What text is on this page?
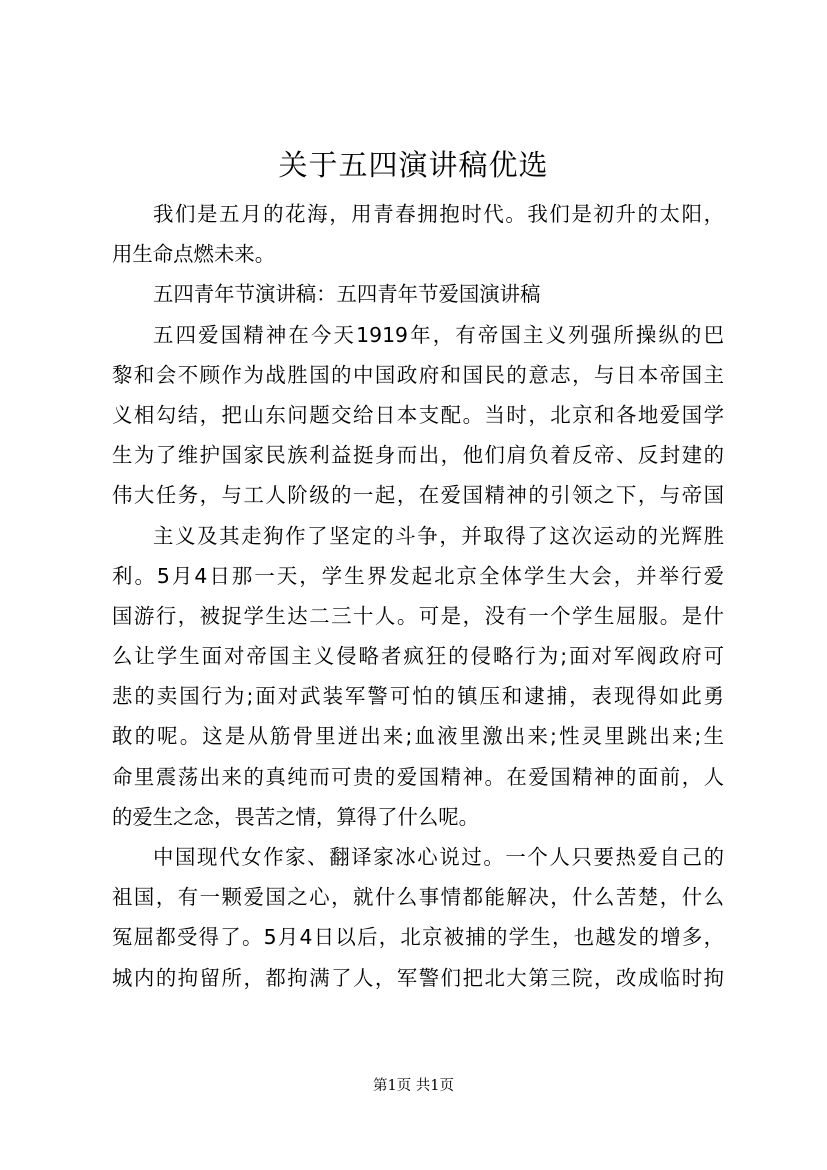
关于五四演讲稿优选
我们是五月的花海，用青春拥抱时代。我们是初升的太阳，
用生命点燃未来。
五四青年节演讲稿：五四青年节爱国演讲稿
五四爱国精神在今天1919年，有帝国主义列强所操纵的巴
黎和会不顾作为战胜国的中国政府和国民的意志，与日本帝国主
义相勾结，把山东问题交给日本支配。当时，北京和各地爱国学
生为了维护国家民族利益挺身而出，他们肩负着反帝、反封建的
伟大任务，与工人阶级的一起，在爱国精神的引领之下，与帝国
主义及其走狗作了坚定的斗争，并取得了这次运动的光辉胜
利。5月4日那一天，学生界发起北京全体学生大会，并举行爱
国游行，被捉学生达二三十人。可是，没有一个学生屈服。是什
么让学生面对帝国主义侵略者疯狂的侵略行为;面对军阀政府可
悲的卖国行为;面对武装军警可怕的镇压和逮捕，表现得如此勇
敢的呢。这是从筋骨里迸出来;血液里激出来;性灵里跳出来;生
命里震荡出来的真纯而可贵的爱国精神。在爱国精神的面前，人
的爱生之念，畏苦之情，算得了什么呢。
中国现代女作家、翻译家冰心说过。一个人只要热爱自己的
祖国，有一颗爱国之心，就什么事情都能解决，什么苦楚，什么
冤屈都受得了。5月4日以后，北京被捕的学生，也越发的增多，
城内的拘留所，都拘满了人，军警们把北大第三院，改成临时拘
第1页 共1页
